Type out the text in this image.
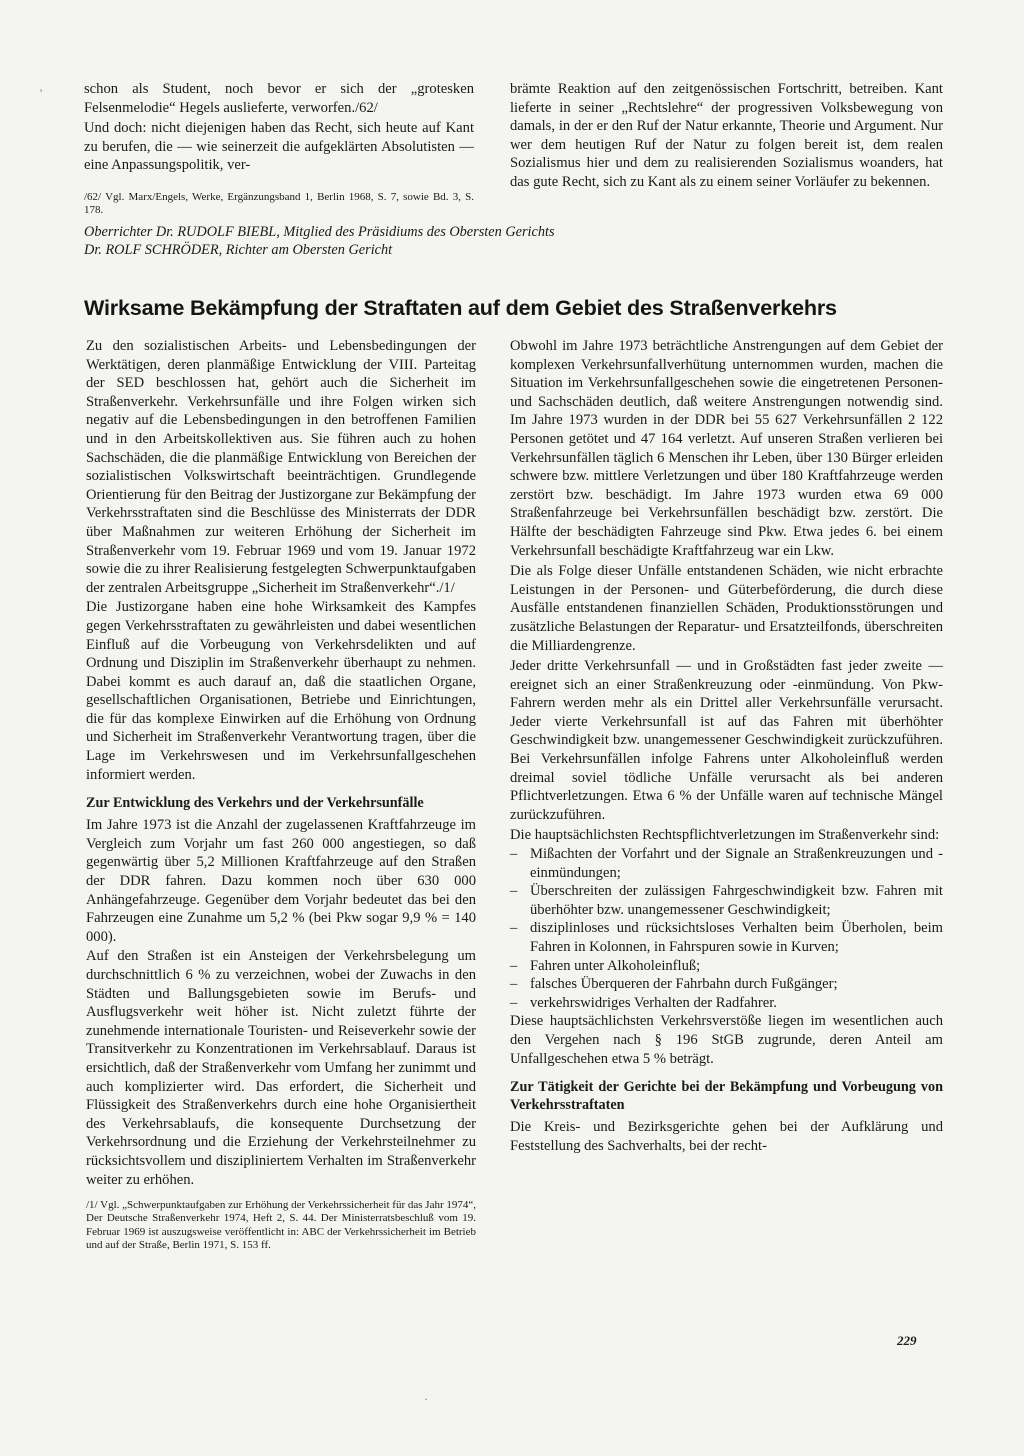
schon als Student, noch bevor er sich der „grotesken Felsenmelodie“ Hegels auslieferte, verworfen./62/

Und doch: nicht diejenigen haben das Recht, sich heute auf Kant zu berufen, die — wie seinerzeit die aufgeklärten Absolutisten — eine Anpassungspolitik, ver-

/62/ Vgl. Marx/Engels, Werke, Ergänzungsband 1, Berlin 1968, S. 7, sowie Bd. 3, S. 178.

brämte Reaktion auf den zeitgenössischen Fortschritt, betreiben. Kant lieferte in seiner „Rechtslehre“ der progressiven Volksbewegung von damals, in der er den Ruf der Natur erkannte, Theorie und Argument. Nur wer dem heutigen Ruf der Natur zu folgen bereit ist, dem realen Sozialismus hier und dem zu realisierenden Sozialismus woanders, hat das gute Recht, sich zu Kant als zu einem seiner Vorläufer zu bekennen.

Oberrichter Dr. RUDOLF BIEBL, Mitglied des Präsidiums des Obersten Gerichts
Dr. ROLF SCHRÖDER, Richter am Obersten Gericht
Wirksame Bekämpfung der Straftaten auf dem Gebiet des Straßenverkehrs

Zu den sozialistischen Arbeits- und Lebensbedingungen der Werktätigen, deren planmäßige Entwicklung der VIII. Parteitag der SED beschlossen hat, gehört auch die Sicherheit im Straßenverkehr. Verkehrsunfälle und ihre Folgen wirken sich negativ auf die Lebensbedingungen in den betroffenen Familien und in den Arbeitskollektiven aus. Sie führen auch zu hohen Sachschäden, die die planmäßige Entwicklung von Bereichen der sozialistischen Volkswirtschaft beeinträchtigen. Grundlegende Orientierung für den Beitrag der Justizorgane zur Bekämpfung der Verkehrsstraftaten sind die Beschlüsse des Ministerrats der DDR über Maßnahmen zur weiteren Erhöhung der Sicherheit im Straßenverkehr vom 19. Februar 1969 und vom 19. Januar 1972 sowie die zu ihrer Realisierung festgelegten Schwerpunktaufgaben der zentralen Arbeitsgruppe „Sicherheit im Straßenverkehr“./1/

Die Justizorgane haben eine hohe Wirksamkeit des Kampfes gegen Verkehrsstraftaten zu gewährleisten und dabei wesentlichen Einfluß auf die Vorbeugung von Verkehrsdelikten und auf Ordnung und Disziplin im Straßenverkehr überhaupt zu nehmen. Dabei kommt es auch darauf an, daß die staatlichen Organe, gesellschaftlichen Organisationen, Betriebe und Einrichtungen, die für das komplexe Einwirken auf die Erhöhung von Ordnung und Sicherheit im Straßenverkehr Verantwortung tragen, über die Lage im Verkehrswesen und im Verkehrsunfallgeschehen informiert werden.

Zur Entwicklung des Verkehrs und der Verkehrsunfälle

Im Jahre 1973 ist die Anzahl der zugelassenen Kraftfahrzeuge im Vergleich zum Vorjahr um fast 260 000 angestiegen, so daß gegenwärtig über 5,2 Millionen Kraftfahrzeuge auf den Straßen der DDR fahren. Dazu kommen noch über 630 000 Anhängefahrzeuge. Gegenüber dem Vorjahr bedeutet das bei den Fahrzeugen eine Zunahme um 5,2 % (bei Pkw sogar 9,9 % = 140 000).

Auf den Straßen ist ein Ansteigen der Verkehrsbelegung um durchschnittlich 6 % zu verzeichnen, wobei der Zuwachs in den Städten und Ballungsgebieten sowie im Berufs- und Ausflugsverkehr weit höher ist. Nicht zuletzt führte der zunehmende internationale Touristen- und Reiseverkehr sowie der Transitverkehr zu Konzentrationen im Verkehrsablauf. Daraus ist ersichtlich, daß der Straßenverkehr vom Umfang her zunimmt und auch komplizierter wird. Das erfordert, die Sicherheit und Flüssigkeit des Straßenverkehrs durch eine hohe Organisiertheit des Verkehrsablaufs, die konsequente Durchsetzung der Verkehrsordnung und die Erziehung der Verkehrsteilnehmer zu rücksichtsvollem und diszipliniertem Verhalten im Straßenverkehr weiter zu erhöhen.

/1/ Vgl. „Schwerpunktaufgaben zur Erhöhung der Verkehrssicherheit für das Jahr 1974“, Der Deutsche Straßenverkehr 1974, Heft 2, S. 44. Der Ministerratsbeschluß vom 19. Februar 1969 ist auszugsweise veröffentlicht in: ABC der Verkehrssicherheit im Betrieb und auf der Straße, Berlin 1971, S. 153 ff.

Obwohl im Jahre 1973 beträchtliche Anstrengungen auf dem Gebiet der komplexen Verkehrsunfallverhütung unternommen wurden, machen die Situation im Verkehrsunfallgeschehen sowie die eingetretenen Personen- und Sachschäden deutlich, daß weitere Anstrengungen notwendig sind. Im Jahre 1973 wurden in der DDR bei 55 627 Verkehrsunfällen 2 122 Personen getötet und 47 164 verletzt. Auf unseren Straßen verlieren bei Verkehrsunfällen täglich 6 Menschen ihr Leben, über 130 Bürger erleiden schwere bzw. mittlere Verletzungen und über 180 Kraftfahrzeuge werden zerstört bzw. beschädigt. Im Jahre 1973 wurden etwa 69 000 Straßenfahrzeuge bei Verkehrsunfällen beschädigt bzw. zerstört. Die Hälfte der beschädigten Fahrzeuge sind Pkw. Etwa jedes 6. bei einem Verkehrsunfall beschädigte Kraftfahrzeug war ein Lkw.

Die als Folge dieser Unfälle entstandenen Schäden, wie nicht erbrachte Leistungen in der Personen- und Güterbeförderung, die durch diese Ausfälle entstandenen finanziellen Schäden, Produktionsstörungen und zusätzliche Belastungen der Reparatur- und Ersatzteilfonds, überschreiten die Milliardengrenze.

Jeder dritte Verkehrsunfall — und in Großstädten fast jeder zweite — ereignet sich an einer Straßenkreuzung oder -einmündung. Von Pkw-Fahrern werden mehr als ein Drittel aller Verkehrsunfälle verursacht. Jeder vierte Verkehrsunfall ist auf das Fahren mit überhöhter Geschwindigkeit bzw. unangemessener Geschwindigkeit zurückzuführen. Bei Verkehrsunfällen infolge Fahrens unter Alkoholeinfluß werden dreimal soviel tödliche Unfälle verursacht als bei anderen Pflichtverletzungen. Etwa 6 % der Unfälle waren auf technische Mängel zurückzuführen.

Die hauptsächlichsten Rechtspflichtverletzungen im Straßenverkehr sind:

– Mißachten der Vorfahrt und der Signale an Straßenkreuzungen und -einmündungen;
– Überschreiten der zulässigen Fahrgeschwindigkeit bzw. Fahren mit überhöhter bzw. unangemessener Geschwindigkeit;
– disziplinloses und rücksichtsloses Verhalten beim Überholen, beim Fahren in Kolonnen, in Fahrspuren sowie in Kurven;
– Fahren unter Alkoholeinfluß;
– falsches Überqueren der Fahrbahn durch Fußgänger;
– verkehrswidriges Verhalten der Radfahrer.

Diese hauptsächlichsten Verkehrsverstöße liegen im wesentlichen auch den Vergehen nach § 196 StGB zugrunde, deren Anteil am Unfallgeschehen etwa 5 % beträgt.

Zur Tätigkeit der Gerichte bei der Bekämpfung und Vorbeugung von Verkehrsstraftaten

Die Kreis- und Bezirksgerichte gehen bei der Aufklärung und Feststellung des Sachverhalts, bei der recht-

229
'
·
